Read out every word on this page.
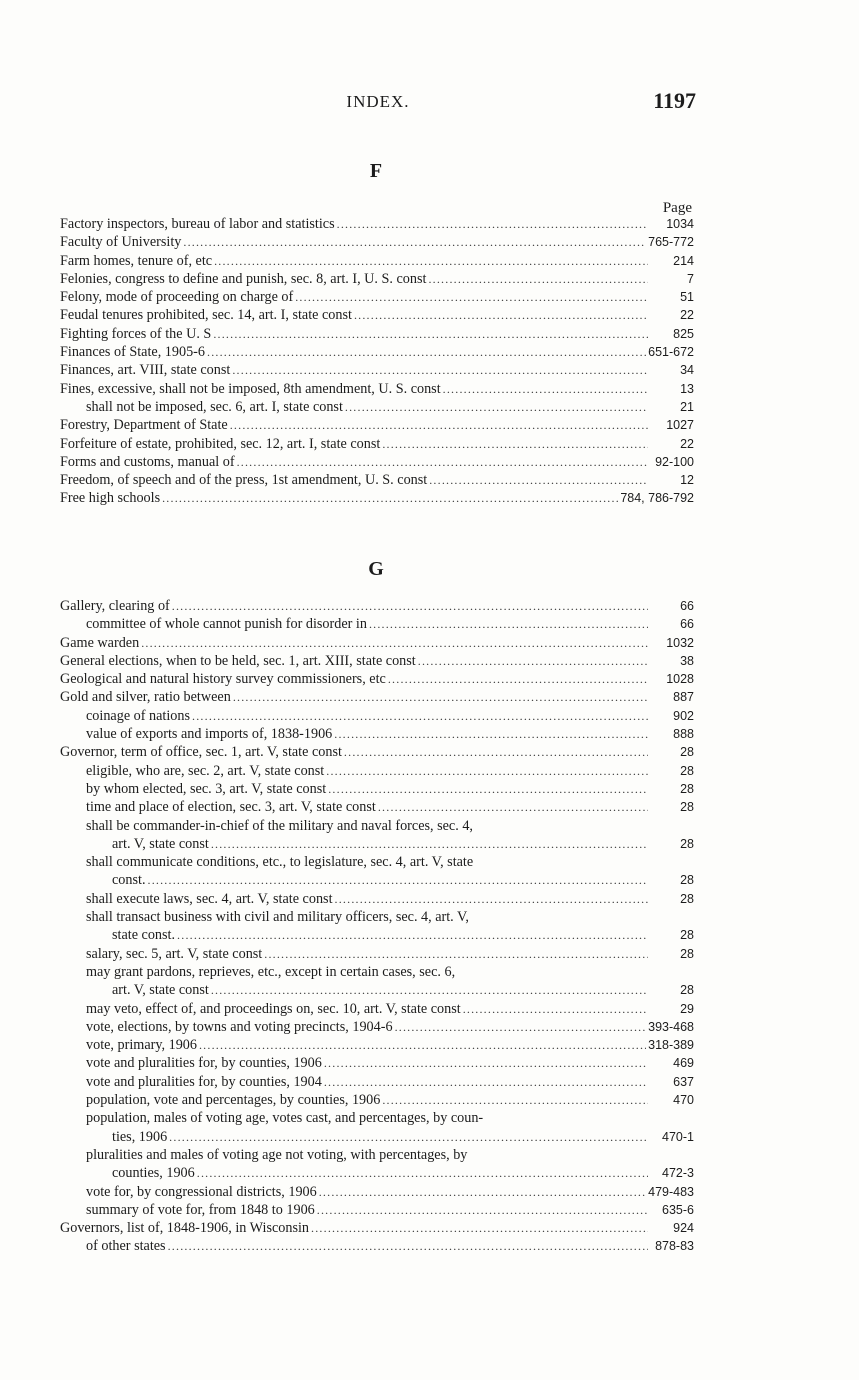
INDEX.	1197
F
Page
Factory inspectors, bureau of labor and statistics .....	1034
Faculty of University .....	765-772
Farm homes, tenure of, etc .....	214
Felonies, congress to define and punish, sec. 8, art. I, U. S. const .....	7
Felony, mode of proceeding on charge of .....	51
Feudal tenures prohibited, sec. 14, art. I, state const .....	22
Fighting forces of the U. S .....	825
Finances of State, 1905-6 .....	651-672
Finances, art. VIII, state const .....	34
Fines, excessive, shall not be imposed, 8th amendment, U. S. const .....	13
shall not be imposed, sec. 6, art. I, state const .....	21
Forestry, Department of State .....	1027
Forfeiture of estate, prohibited, sec. 12, art. I, state const .....	22
Forms and customs, manual of .....	92-100
Freedom, of speech and of the press, 1st amendment, U. S. const .....	12
Free high schools .....	784, 786-792
G
Gallery, clearing of .....	66
committee of whole cannot punish for disorder in .....	66
Game warden .....	1032
General elections, when to be held, sec. 1, art. XIII, state const .....	38
Geological and natural history survey commissioners, etc .....	1028
Gold and silver, ratio between .....	887
coinage of nations .....	902
value of exports and imports of, 1838-1906 .....	888
Governor, term of office, sec. 1, art. V, state const .....	28
eligible, who are, sec. 2, art. V, state const .....	28
by whom elected, sec. 3, art. V, state const .....	28
time and place of election, sec. 3, art. V, state const .....	28
shall be commander-in-chief of the military and naval forces, sec. 4,
art. V, state const .....	28
shall communicate conditions, etc., to legislature, sec. 4, art. V, state
const. .....	28
shall execute laws, sec. 4, art. V, state const .....	28
shall transact business with civil and military officers, sec. 4, art. V,
state const. .....	28
salary, sec. 5, art. V, state const .....	28
may grant pardons, reprieves, etc., except in certain cases, sec. 6,
art. V, state const .....	28
may veto, effect of, and proceedings on, sec. 10, art. V, state const .....	29
vote, elections, by towns and voting precincts, 1904-6 .....	393-468
vote, primary, 1906 .....	318-389
vote and pluralities for, by counties, 1906 .....	469
vote and pluralities for, by counties, 1904 .....	637
population, vote and percentages, by counties, 1906 .....	470
population, males of voting age, votes cast, and percentages, by coun-
ties, 1906 .....	470-1
pluralities and males of voting age not voting, with percentages, by
counties, 1906 .....	472-3
vote for, by congressional districts, 1906 .....	479-483
summary of vote for, from 1848 to 1906 .....	635-6
Governors, list of, 1848-1906, in Wisconsin .....	924
of other states .....	878-83
